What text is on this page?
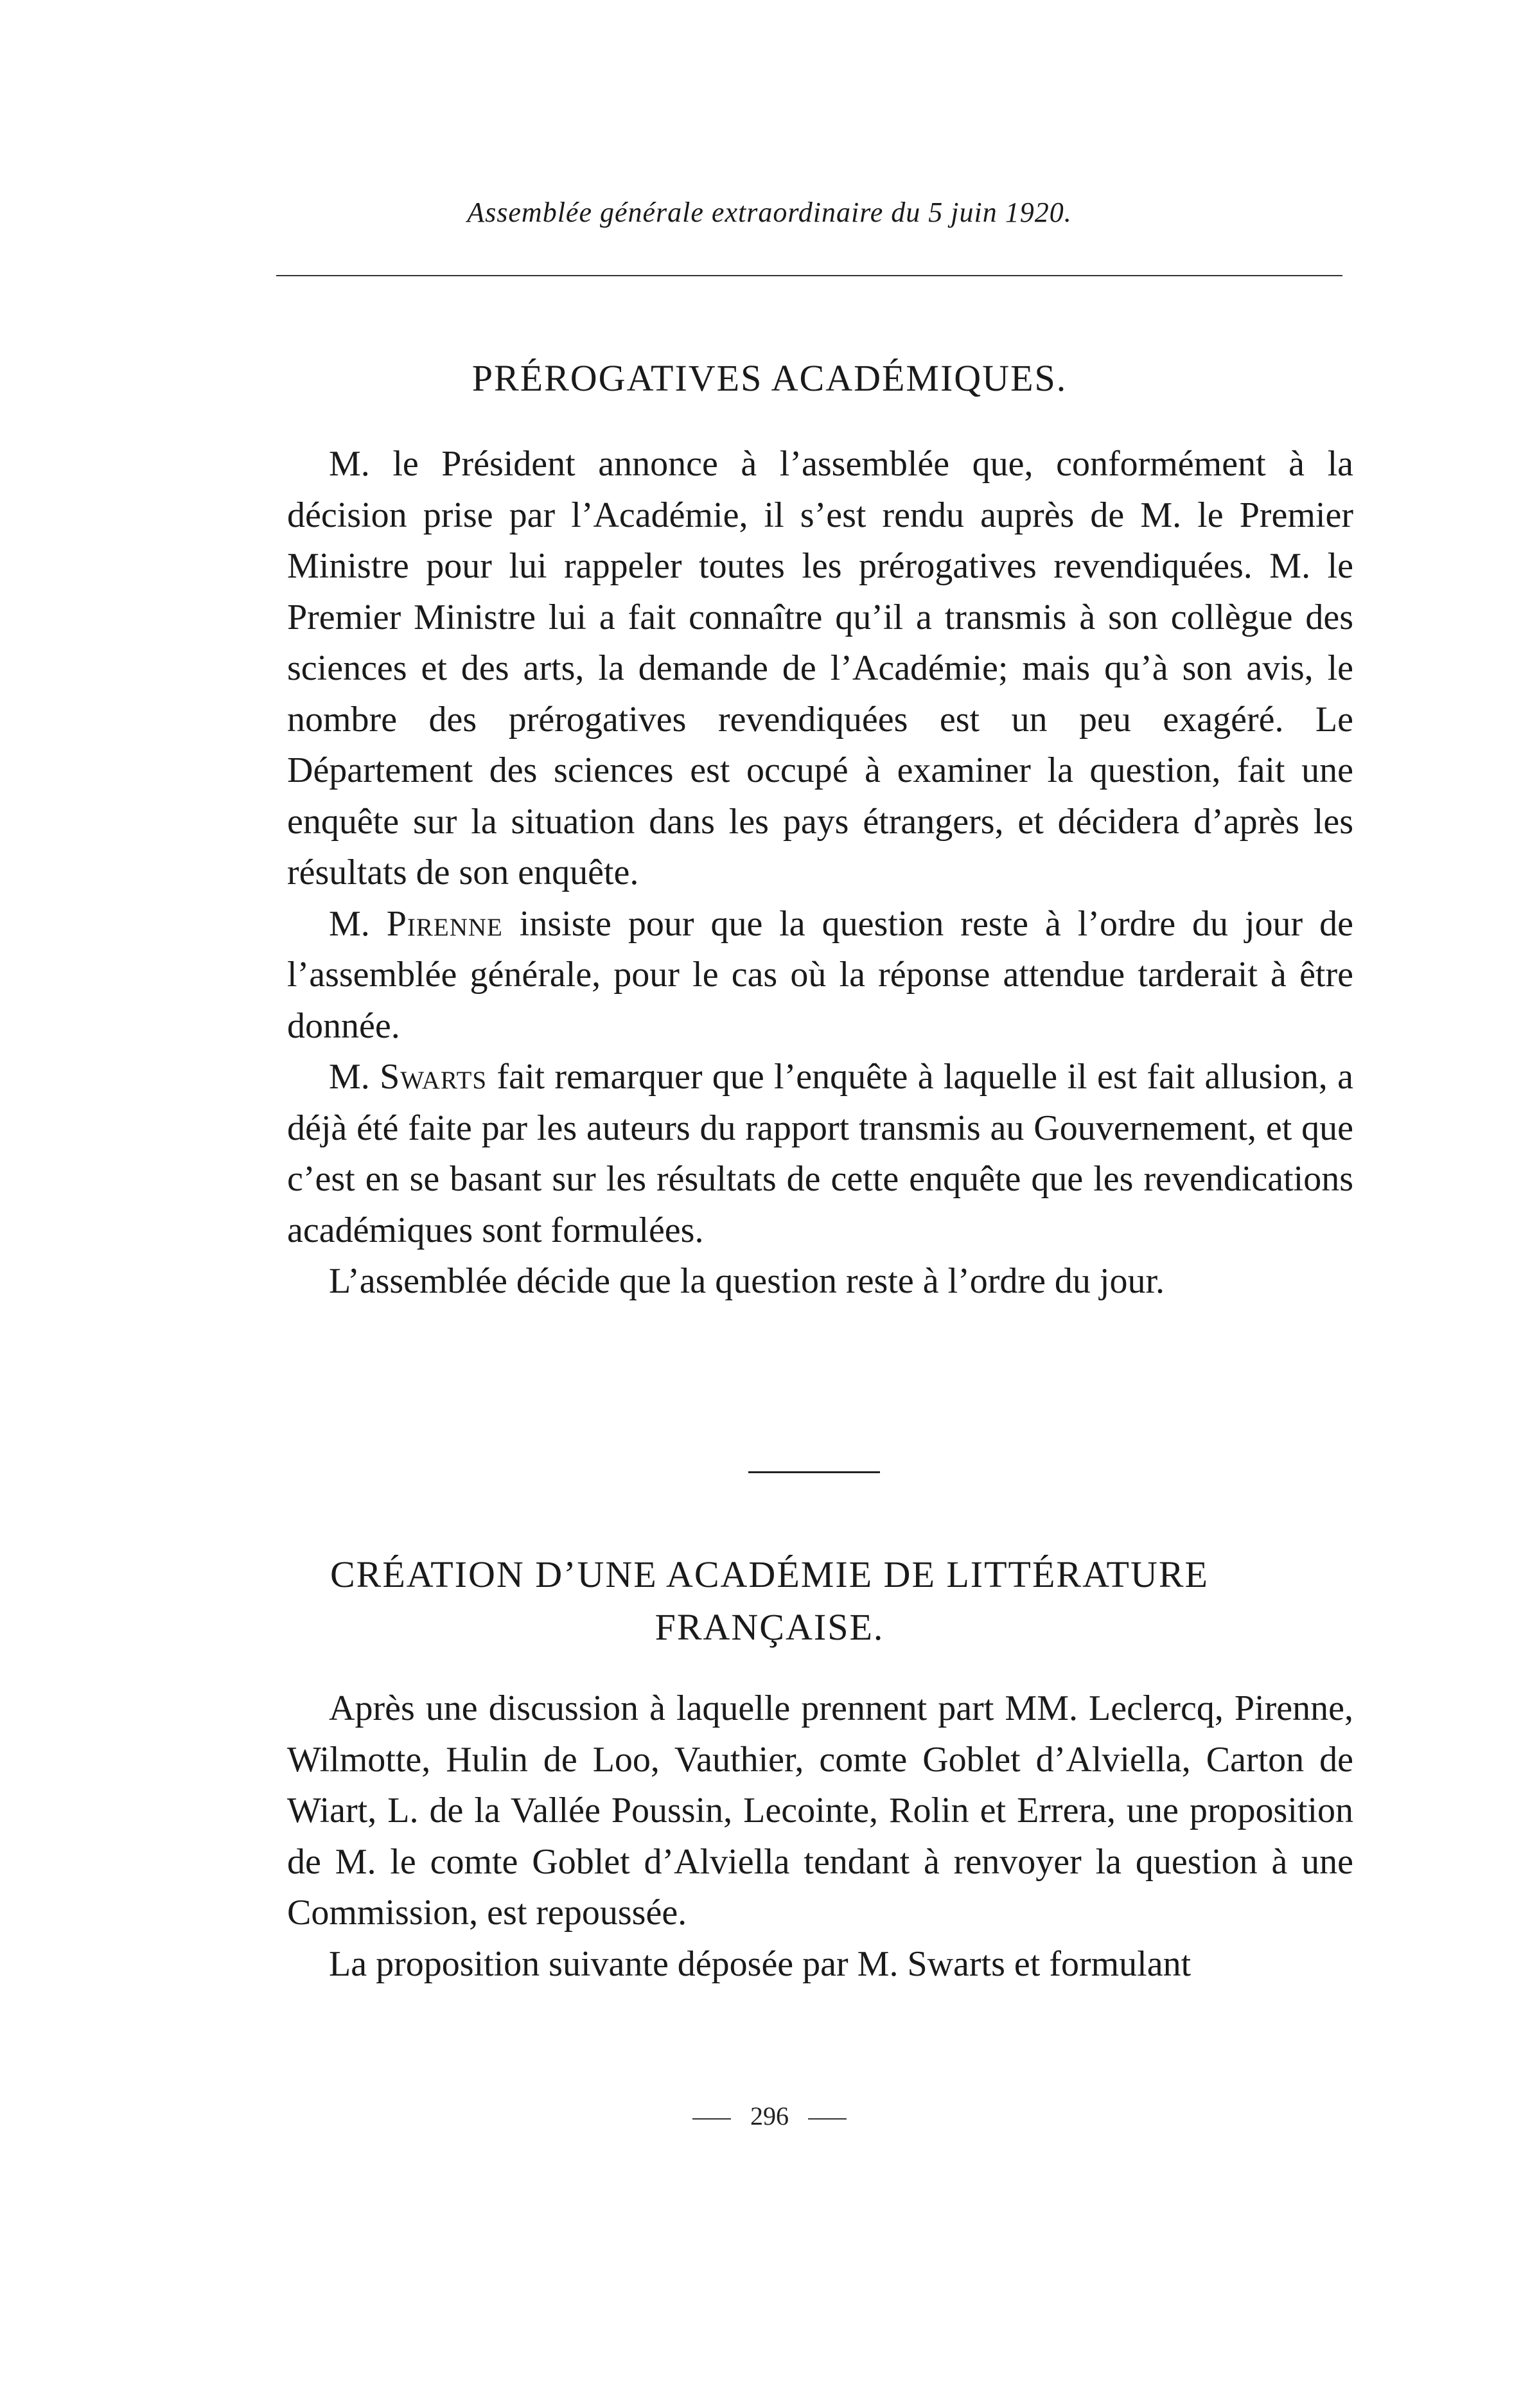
Assemblée générale extraordinaire du 5 juin 1920.
PRÉROGATIVES ACADÉMIQUES.

M. le Président annonce à l’assemblée que, conformément à la décision prise par l’Académie, il s’est rendu auprès de M. le Premier Ministre pour lui rappeler toutes les prérogatives revendiquées. M. le Premier Ministre lui a fait connaître qu’il a transmis à son collègue des sciences et des arts, la demande de l’Académie; mais qu’à son avis, le nombre des prérogatives revendiquées est un peu exagéré. Le Département des sciences est occupé à examiner la question, fait une enquête sur la situation dans les pays étrangers, et décidera d’après les résultats de son enquête.

M. Pirenne insiste pour que la question reste à l’ordre du jour de l’assemblée générale, pour le cas où la réponse attendue tarderait à être donnée.

M. Swarts fait remarquer que l’enquête à laquelle il est fait allusion, a déjà été faite par les auteurs du rapport transmis au Gouvernement, et que c’est en se basant sur les résultats de cette enquête que les revendications académiques sont formulées.

L’assemblée décide que la question reste à l’ordre du jour.

CRÉATION D’UNE ACADÉMIE DE LITTÉRATURE
FRANÇAISE.

Après une discussion à laquelle prennent part MM. Leclercq, Pirenne, Wilmotte, Hulin de Loo, Vauthier, comte Goblet d’Alviella, Carton de Wiart, L. de la Vallée Poussin, Lecointe, Rolin et Errera, une proposition de M. le comte Goblet d’Alviella tendant à renvoyer la question à une Commission, est repoussée.

La proposition suivante déposée par M. Swarts et formulant

296
